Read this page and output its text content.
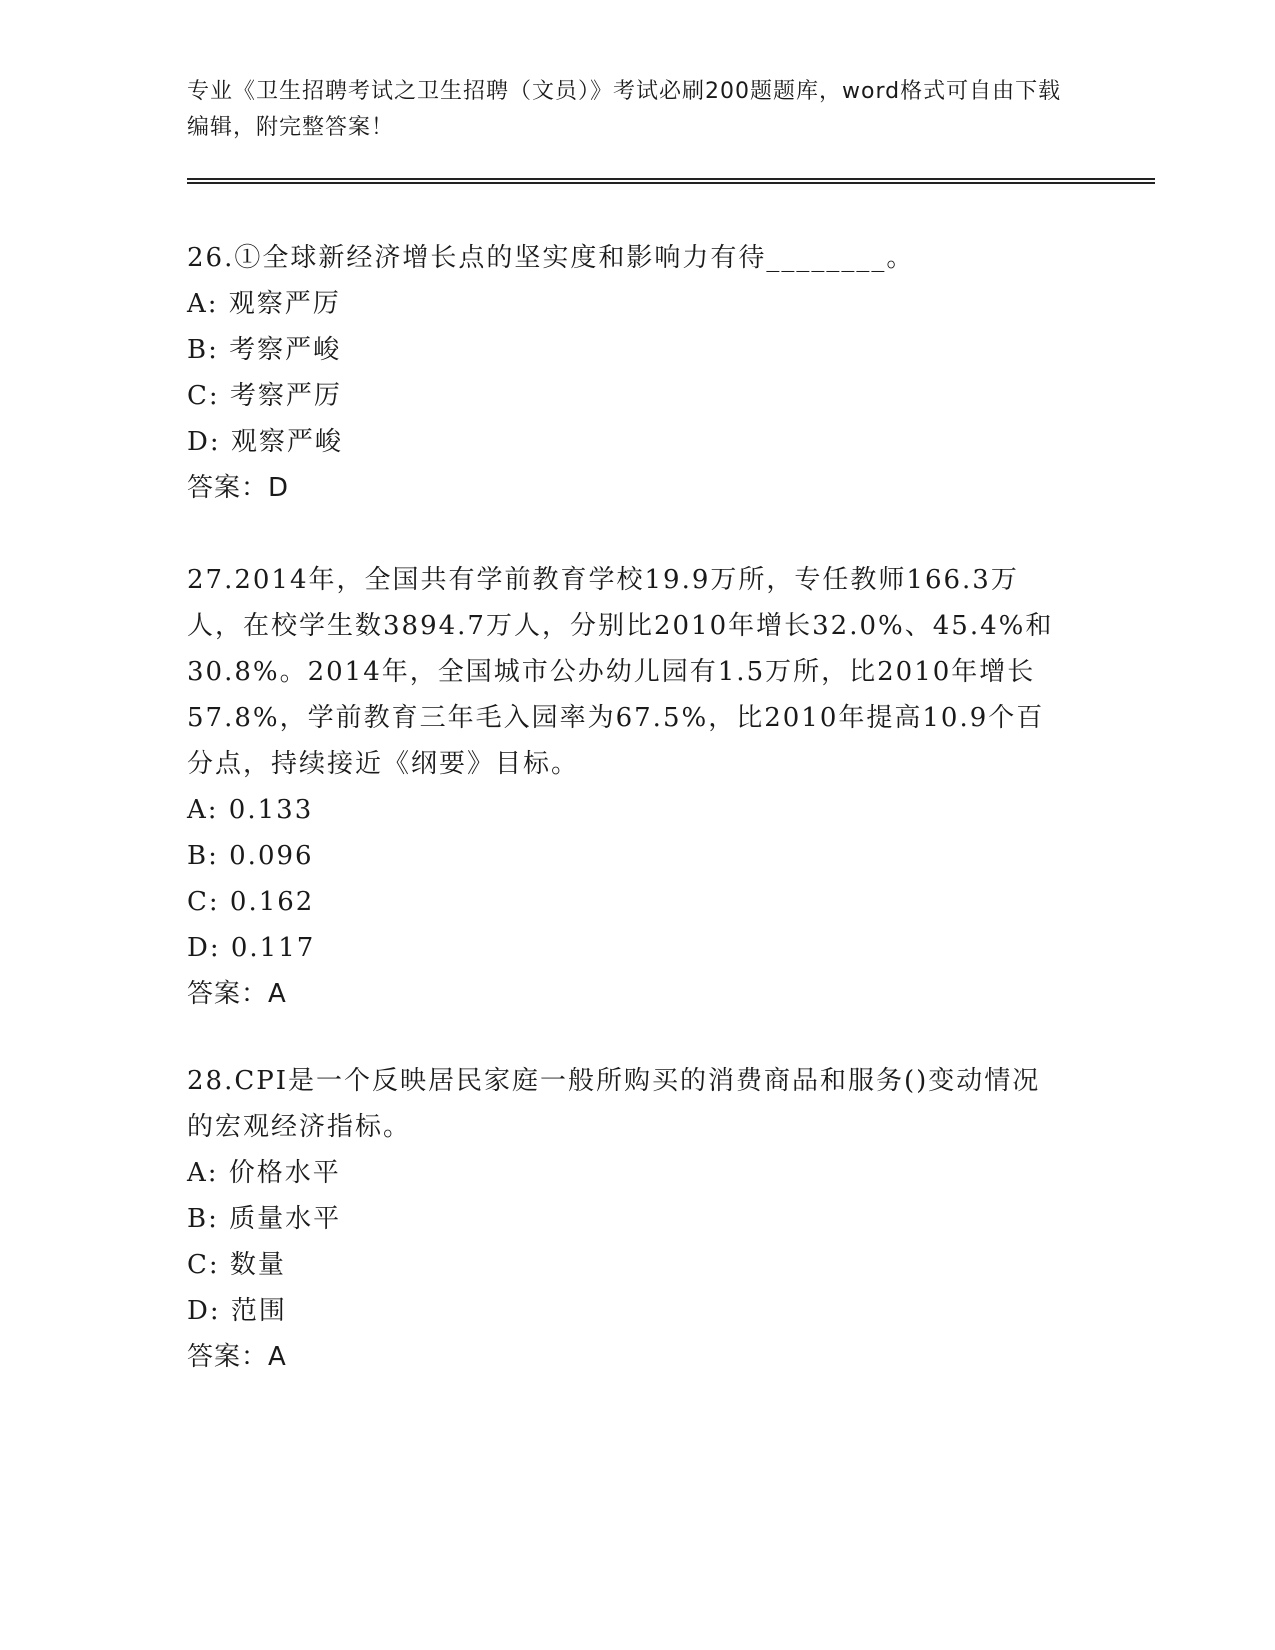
专业《卫生招聘考试之卫生招聘（文员）》考试必刷200题题库，word格式可自由下载编辑，附完整答案！

26.①全球新经济增长点的坚实度和影响力有待________。

A: 观察严厉

B: 考察严峻

C: 考察严厉

D: 观察严峻

答案：D

27.2014年，全国共有学前教育学校19.9万所，专任教师166.3万人，在校学生数3894.7万人，分别比2010年增长32.0%、45.4%和30.8%。2014年，全国城市公办幼儿园有1.5万所，比2010年增长57.8%，学前教育三年毛入园率为67.5%，比2010年提高10.9个百分点，持续接近《纲要》目标。

A: 0.133

B: 0.096

C: 0.162

D: 0.117

答案：A

28.CPI是一个反映居民家庭一般所购买的消费商品和服务()变动情况的宏观经济指标。

A: 价格水平

B: 质量水平

C: 数量

D: 范围

答案：A
